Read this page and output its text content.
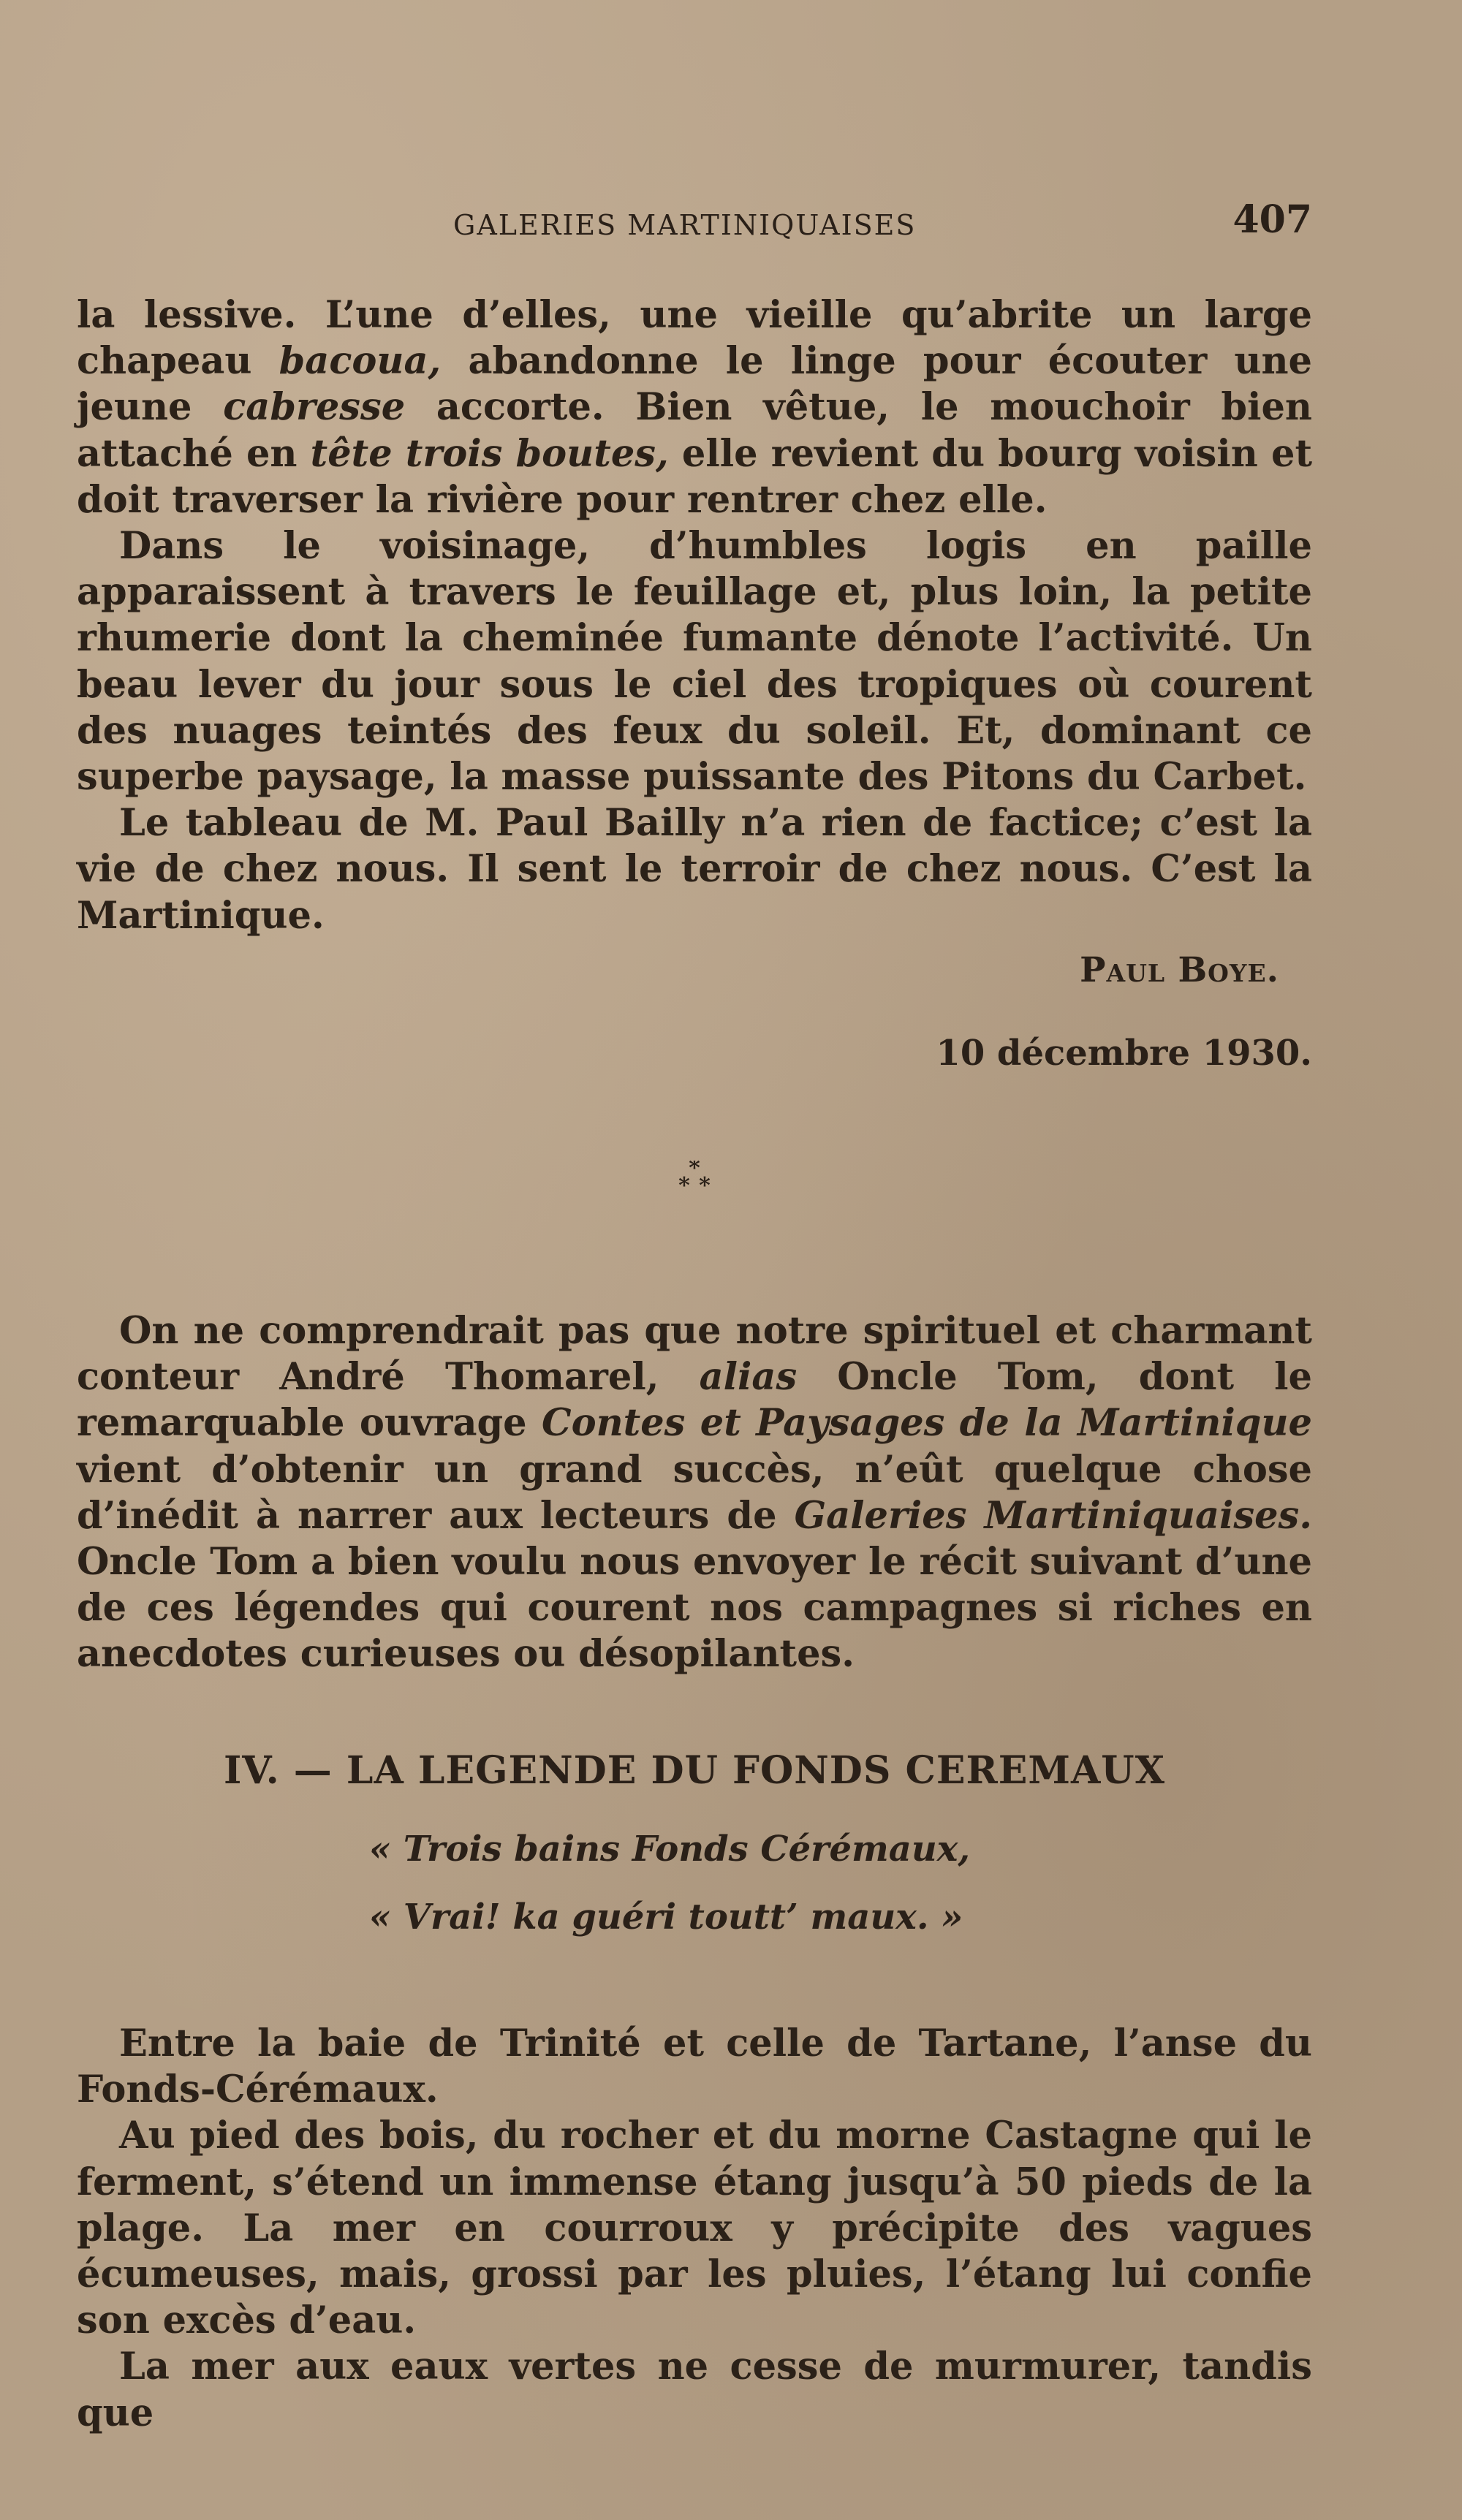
GALERIES MARTINIQUAISES	407

la lessive. L’une d’elles, une vieille qu’abrite un large chapeau bacoua, abandonne le linge pour écouter une jeune cabresse accorte. Bien vêtue, le mouchoir bien attaché en tête trois boutes, elle revient du bourg voisin et doit traverser la rivière pour rentrer chez elle.

Dans le voisinage, d’humbles logis en paille apparaissent à travers le feuillage et, plus loin, la petite rhumerie dont la cheminée fumante dénote l’activité. Un beau lever du jour sous le ciel des tropiques où courent des nuages teintés des feux du soleil. Et, dominant ce superbe paysage, la masse puissante des Pitons du Carbet.

Le tableau de M. Paul Bailly n’a rien de factice; c’est la vie de chez nous. Il sent le terroir de chez nous. C’est la Martinique.

Paul Boye.
10 décembre 1930.
*
* *

On ne comprendrait pas que notre spirituel et charmant conteur André Thomarel, alias Oncle Tom, dont le remarquable ouvrage Contes et Paysages de la Martinique vient d’obtenir un grand succès, n’eût quelque chose d’inédit à narrer aux lecteurs de Galeries Martiniquaises. Oncle Tom a bien voulu nous envoyer le récit suivant d’une de ces légendes qui courent nos campagnes si riches en anecdotes curieuses ou désopilantes.

IV. — LA LEGENDE DU FONDS CEREMAUX
« Trois bains Fonds Cérémaux,
« Vrai! ka guéri toutt’ maux. »

Entre la baie de Trinité et celle de Tartane, l’anse du Fonds-Cérémaux.

Au pied des bois, du rocher et du morne Castagne qui le ferment, s’étend un immense étang jusqu’à 50 pieds de la plage. La mer en courroux y précipite des vagues écumeuses, mais, grossi par les pluies, l’étang lui confie son excès d’eau.

La mer aux eaux vertes ne cesse de murmurer, tandis que
